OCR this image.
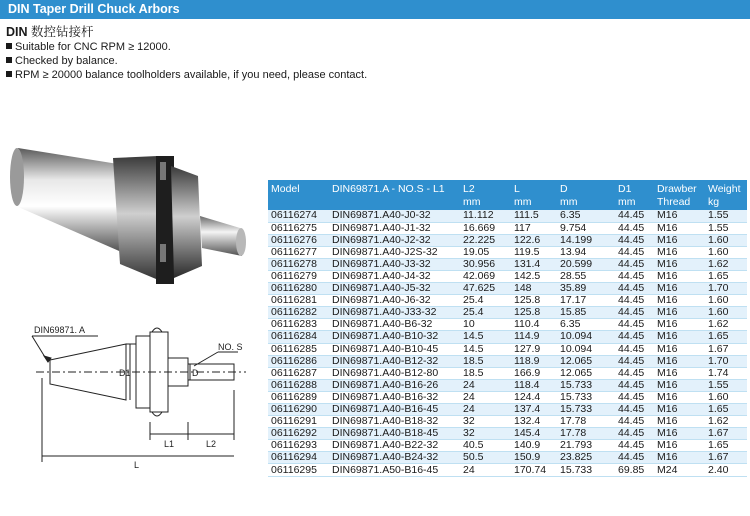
DIN Taper Drill Chuck Arbors
DIN 数控钻接杆
Suitable for CNC RPM ≥ 12000.
Checked by balance.
RPM ≥ 20000 balance toolholders available, if you need, please contact.
DIN69871. A
NO. S
D1	D
L1	L2
L
Model	DIN69871.A - NO.S - L1	L2	L	D	D1	Drawber	Weight
		mm	mm	mm	mm	Thread	kg
06116274	DIN69871.A40-J0-32	11.112	111.5	6.35	44.45	M16	1.55
06116275	DIN69871.A40-J1-32	16.669	117	9.754	44.45	M16	1.55
06116276	DIN69871.A40-J2-32	22.225	122.6	14.199	44.45	M16	1.60
06116277	DIN69871.A40-J2S-32	19.05	119.5	13.94	44.45	M16	1.60
06116278	DIN69871.A40-J3-32	30.956	131.4	20.599	44.45	M16	1.62
06116279	DIN69871.A40-J4-32	42.069	142.5	28.55	44.45	M16	1.65
06116280	DIN69871.A40-J5-32	47.625	148	35.89	44.45	M16	1.70
06116281	DIN69871.A40-J6-32	25.4	125.8	17.17	44.45	M16	1.60
06116282	DIN69871.A40-J33-32	25.4	125.8	15.85	44.45	M16	1.60
06116283	DIN69871.A40-B6-32	10	110.4	6.35	44.45	M16	1.62
06116284	DIN69871.A40-B10-32	14.5	114.9	10.094	44.45	M16	1.65
06116285	DIN69871.A40-B10-45	14.5	127.9	10.094	44.45	M16	1.67
06116286	DIN69871.A40-B12-32	18.5	118.9	12.065	44.45	M16	1.70
06116287	DIN69871.A40-B12-80	18.5	166.9	12.065	44.45	M16	1.74
06116288	DIN69871.A40-B16-26	24	118.4	15.733	44.45	M16	1.55
06116289	DIN69871.A40-B16-32	24	124.4	15.733	44.45	M16	1.60
06116290	DIN69871.A40-B16-45	24	137.4	15.733	44.45	M16	1.65
06116291	DIN69871.A40-B18-32	32	132.4	17.78	44.45	M16	1.62
06116292	DIN69871.A40-B18-45	32	145.4	17.78	44.45	M16	1.67
06116293	DIN69871.A40-B22-32	40.5	140.9	21.793	44.45	M16	1.65
06116294	DIN69871.A40-B24-32	50.5	150.9	23.825	44.45	M16	1.67
06116295	DIN69871.A50-B16-45	24	170.74	15.733	69.85	M24	2.40
